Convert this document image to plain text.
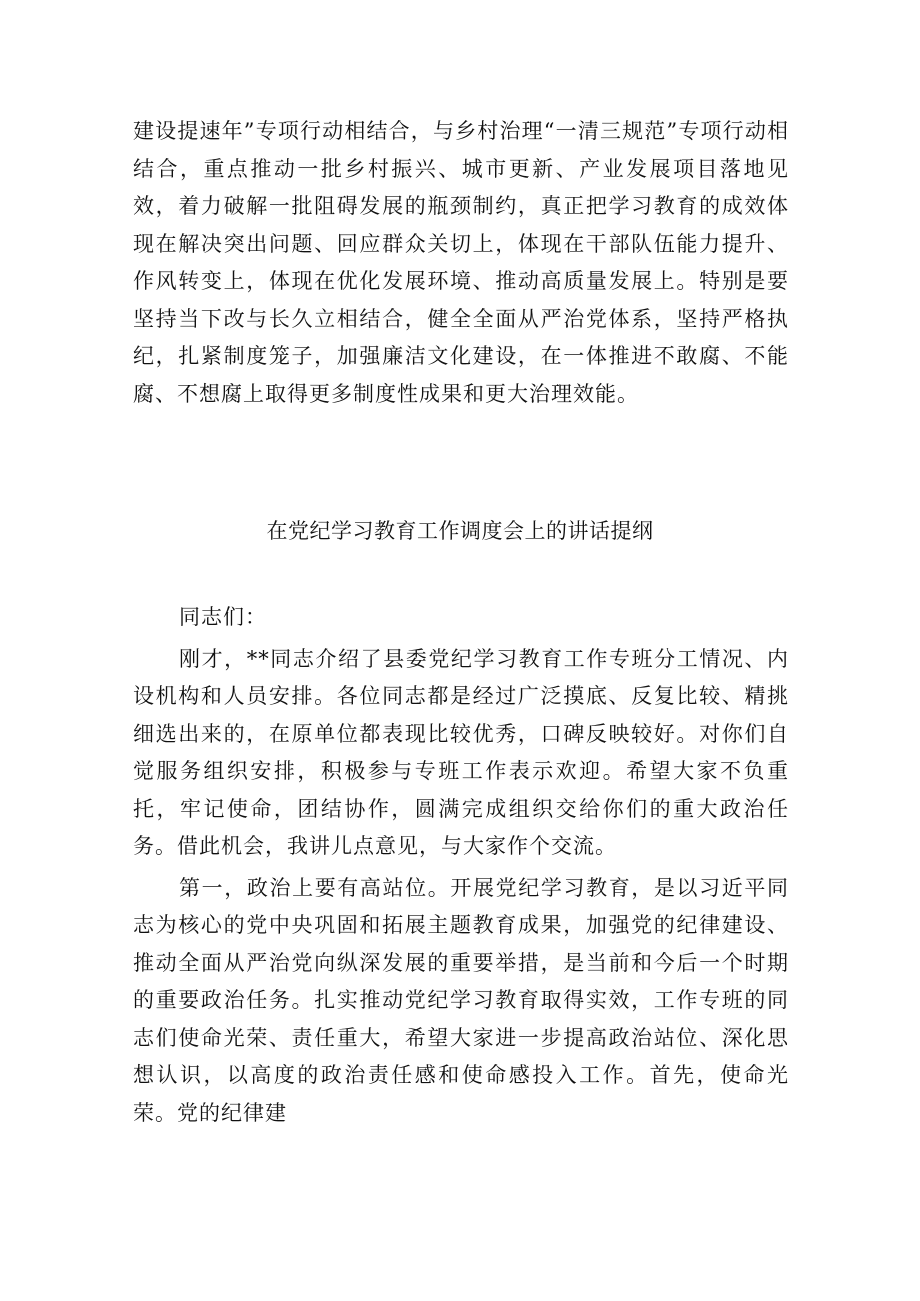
建设提速年”专项行动相结合，与乡村治理“一清三规范”专项行动相结合，重点推动一批乡村振兴、城市更新、产业发展项目落地见效，着力破解一批阻碍发展的瓶颈制约，真正把学习教育的成效体现在解决突出问题、回应群众关切上，体现在干部队伍能力提升、作风转变上，体现在优化发展环境、推动高质量发展上。特别是要坚持当下改与长久立相结合，健全全面从严治党体系，坚持严格执纪，扎紧制度笼子，加强廉洁文化建设，在一体推进不敢腐、不能腐、不想腐上取得更多制度性成果和更大治理效能。

在党纪学习教育工作调度会上的讲话提纲

同志们：

刚才，**同志介绍了县委党纪学习教育工作专班分工情况、内设机构和人员安排。各位同志都是经过广泛摸底、反复比较、精挑细选出来的，在原单位都表现比较优秀，口碑反映较好。对你们自觉服务组织安排，积极参与专班工作表示欢迎。希望大家不负重托，牢记使命，团结协作，圆满完成组织交给你们的重大政治任务。借此机会，我讲儿点意见，与大家作个交流。

第一，政治上要有高站位。开展党纪学习教育，是以习近平同志为核心的党中央巩固和拓展主题教育成果，加强党的纪律建设、推动全面从严治党向纵深发展的重要举措，是当前和今后一个时期的重要政治任务。扎实推动党纪学习教育取得实效，工作专班的同志们使命光荣、责任重大，希望大家进一步提高政治站位、深化思想认识，以高度的政治责任感和使命感投入工作。首先，使命光荣。党的纪律建
